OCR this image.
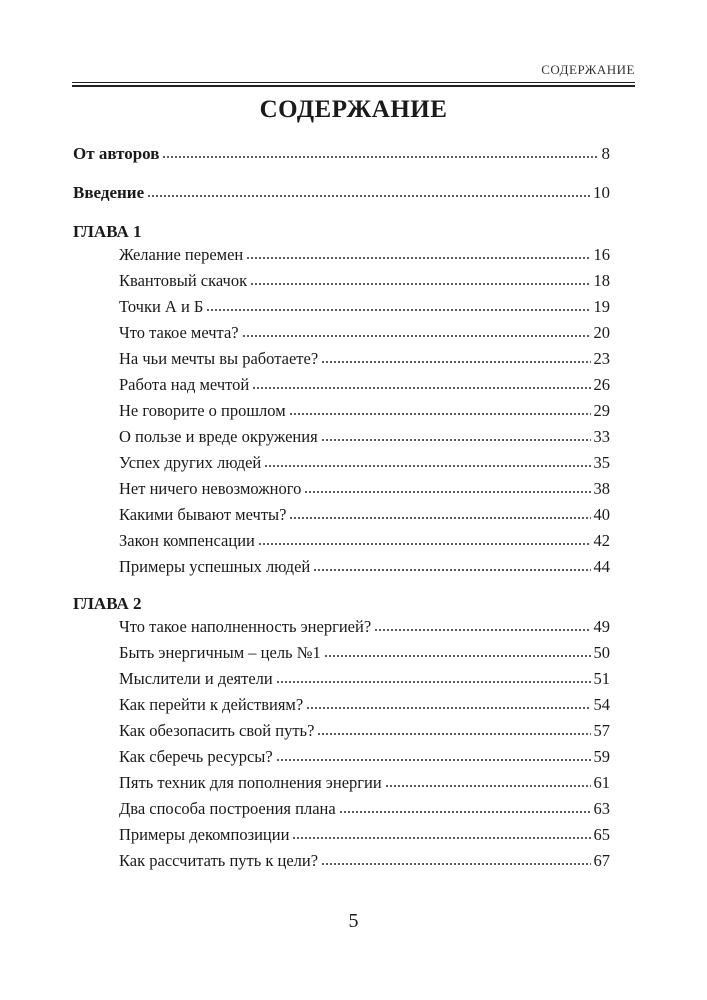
СОДЕРЖАНИЕ
СОДЕРЖАНИЕ
От авторов	8
Введение	10
ГЛАВА 1
Желание перемен	16
Квантовый скачок	18
Точки А и Б	19
Что такое мечта?	20
На чьи мечты вы работаете?	23
Работа над мечтой	26
Не говорите о прошлом	29
О пользе и вреде окружения	33
Успех других людей	35
Нет ничего невозможного	38
Какими бывают мечты?	40
Закон компенсации	42
Примеры успешных людей	44
ГЛАВА 2
Что такое наполненность энергией?	49
Быть энергичным – цель №1	50
Мыслители и деятели	51
Как перейти к действиям?	54
Как обезопасить свой путь?	57
Как сберечь ресурсы?	59
Пять техник для пополнения энергии	61
Два способа построения плана	63
Примеры декомпозиции	65
Как рассчитать путь к цели?	67
5
